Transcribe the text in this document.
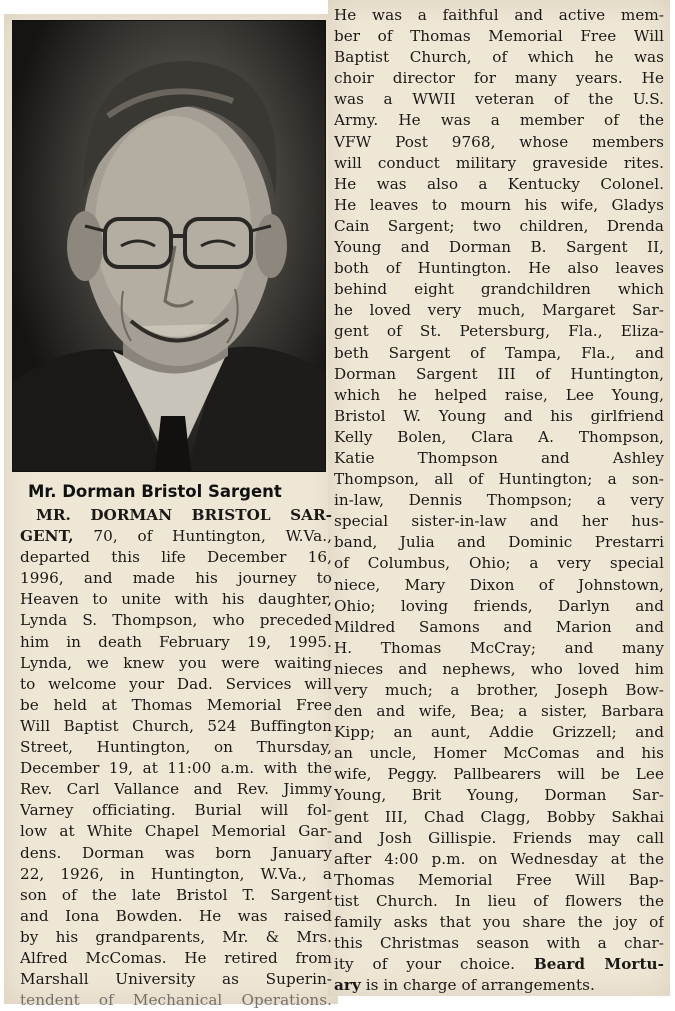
Mr. Dorman Bristol Sargent
MR. DORMAN BRISTOL SAR-
GENT, 70, of Huntington, W.Va.,
departed this life December 16,
1996, and made his journey to
Heaven to unite with his daughter,
Lynda S. Thompson, who preceded
him in death February 19, 1995.
Lynda, we knew you were waiting
to welcome your Dad. Services will
be held at Thomas Memorial Free
Will Baptist Church, 524 Buffington
Street, Huntington, on Thursday,
December 19, at 11:00 a.m. with the
Rev. Carl Vallance and Rev. Jimmy
Varney officiating. Burial will fol-
low at White Chapel Memorial Gar-
dens. Dorman was born January
22, 1926, in Huntington, W.Va., a
son of the late Bristol T. Sargent
and Iona Bowden. He was raised
by his grandparents, Mr. & Mrs.
Alfred McComas. He retired from
Marshall University as Superin-
tendent of Mechanical Operations.
He was a faithful and active mem-
ber of Thomas Memorial Free Will
Baptist Church, of which he was
choir director for many years. He
was a WWII veteran of the U.S.
Army. He was a member of the
VFW Post 9768, whose members
will conduct military graveside rites.
He was also a Kentucky Colonel.
He leaves to mourn his wife, Gladys
Cain Sargent; two children, Drenda
Young and Dorman B. Sargent II,
both of Huntington. He also leaves
behind eight grandchildren which
he loved very much, Margaret Sar-
gent of St. Petersburg, Fla., Eliza-
beth Sargent of Tampa, Fla., and
Dorman Sargent III of Huntington,
which he helped raise, Lee Young,
Bristol W. Young and his girlfriend
Kelly Bolen, Clara A. Thompson,
Katie Thompson and Ashley
Thompson, all of Huntington; a son-
in-law, Dennis Thompson; a very
special sister-in-law and her hus-
band, Julia and Dominic Prestarri
of Columbus, Ohio; a very special
niece, Mary Dixon of Johnstown,
Ohio; loving friends, Darlyn and
Mildred Samons and Marion and
H. Thomas McCray; and many
nieces and nephews, who loved him
very much; a brother, Joseph Bow-
den and wife, Bea; a sister, Barbara
Kipp; an aunt, Addie Grizzell; and
an uncle, Homer McComas and his
wife, Peggy. Pallbearers will be Lee
Young, Brit Young, Dorman Sar-
gent III, Chad Clagg, Bobby Sakhai
and Josh Gillispie. Friends may call
after 4:00 p.m. on Wednesday at the
Thomas Memorial Free Will Bap-
tist Church. In lieu of flowers the
family asks that you share the joy of
this Christmas season with a char-
ity of your choice. Beard Mortu-
ary is in charge of arrangements.
